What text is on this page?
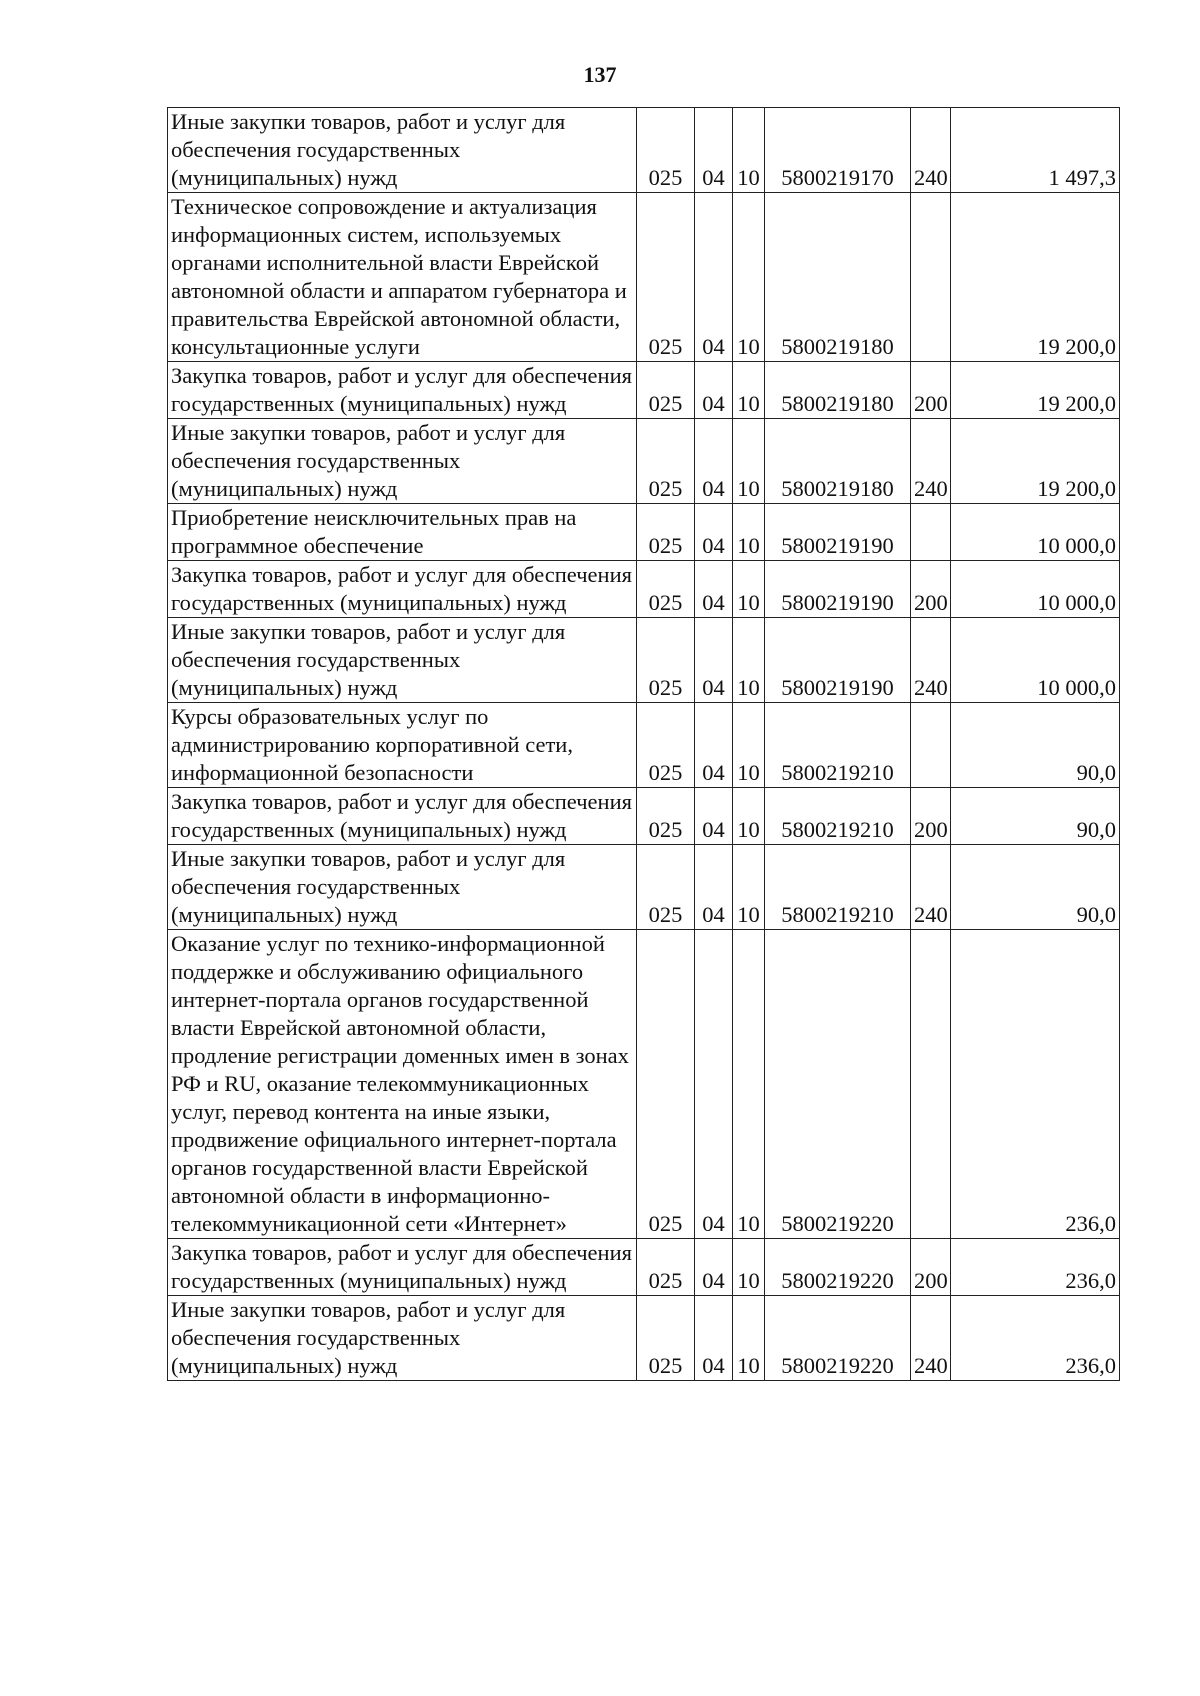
137
Иные закупки товаров, работ и услуг для обеспечения государственных (муниципальных) нужд	025	04	10	5800219170	240	1 497,3
Техническое сопровождение и актуализация информационных систем, используемых органами исполнительной власти Еврейской автономной области и аппаратом губернатора и правительства Еврейской автономной области, консультационные услуги	025	04	10	5800219180		19 200,0
Закупка товаров, работ и услуг для обеспечения государственных (муниципальных) нужд	025	04	10	5800219180	200	19 200,0
Иные закупки товаров, работ и услуг для обеспечения государственных (муниципальных) нужд	025	04	10	5800219180	240	19 200,0
Приобретение неисключительных прав на программное обеспечение	025	04	10	5800219190		10 000,0
Закупка товаров, работ и услуг для обеспечения государственных (муниципальных) нужд	025	04	10	5800219190	200	10 000,0
Иные закупки товаров, работ и услуг для обеспечения государственных (муниципальных) нужд	025	04	10	5800219190	240	10 000,0
Курсы образовательных услуг по администрированию корпоративной сети, информационной безопасности	025	04	10	5800219210		90,0
Закупка товаров, работ и услуг для обеспечения государственных (муниципальных) нужд	025	04	10	5800219210	200	90,0
Иные закупки товаров, работ и услуг для обеспечения государственных (муниципальных) нужд	025	04	10	5800219210	240	90,0
Оказание услуг по технико-информационной поддержке и обслуживанию официального интернет-портала органов государственной власти Еврейской автономной области, продление регистрации доменных имен в зонах РФ и RU, оказание телекоммуникационных услуг, перевод контента на иные языки, продвижение официального интернет-портала органов государственной власти Еврейской автономной области в информационно-телекоммуникационной сети «Интернет»	025	04	10	5800219220		236,0
Закупка товаров, работ и услуг для обеспечения государственных (муниципальных) нужд	025	04	10	5800219220	200	236,0
Иные закупки товаров, работ и услуг для обеспечения государственных (муниципальных) нужд	025	04	10	5800219220	240	236,0
